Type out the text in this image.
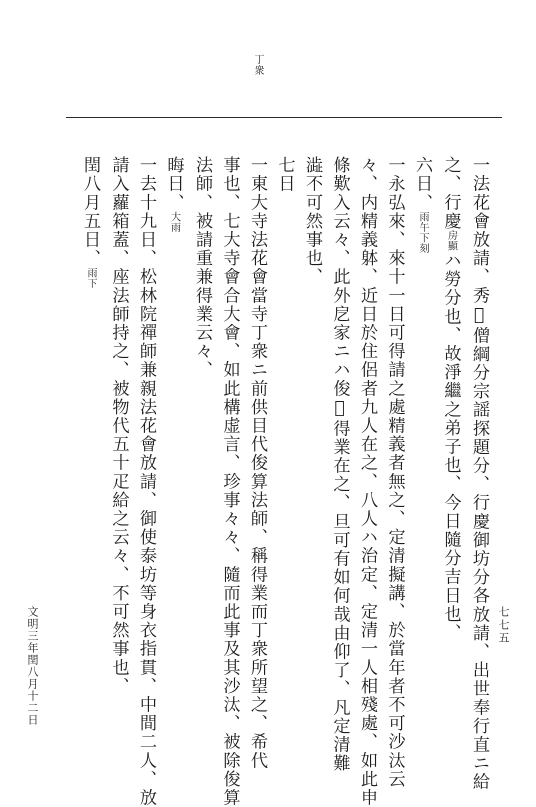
丁衆
七七五
一法花會放請、秀𢓦僧綱分宗謡探題分、行慶御坊分各放請、出世奉行直ニ給
之、行慶房顯ハ勞分也、故淨繼之弟子也、今日隨分吉日也、
六日、雨午下刻
一永弘來、來十一日可得請之處精義者無之、定清擬講、於當年者不可沙汰云
々、内精義躰、近日於住侶者九人在之、八人ハ治定、定清一人相殘處、如此申
條歎入云々、此外戹家ニハ俊𢓦得業在之、旦可有如何哉由仰了、凡定清難
澁不可然事也、
七日
一東大寺法花會當寺丁衆ニ前供目代俊算法師、稱得業而丁衆所望之、希代
事也、七大寺會合大會、如此構虚言、珍事々々、隨而此事及其沙汰、被除俊算
法師、被請重兼得業云々、
晦日、大雨
一去十九日、松林院禪師兼親法花會放請、御使泰坊等身衣指貫、中間二人、放
請入蘿箱蓋、座法師持之、被物代五十疋給之云々、不可然事也、
閏八月五日、雨下
文明三年閏八月十二日
